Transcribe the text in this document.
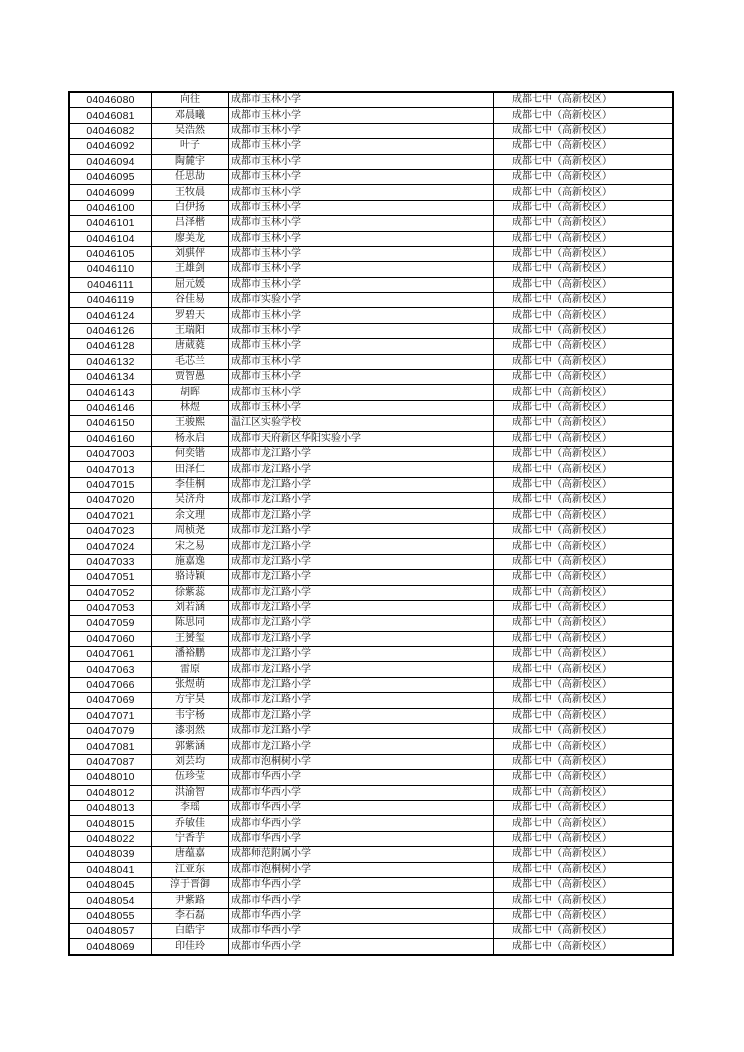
04046080	向往	成都市玉林小学	成都七中（高新校区）
04046081	邓晨曦	成都市玉林小学	成都七中（高新校区）
04046082	吴浩然	成都市玉林小学	成都七中（高新校区）
04046092	叶子	成都市玉林小学	成都七中（高新校区）
04046094	陶麓宇	成都市玉林小学	成都七中（高新校区）
04046095	任思劼	成都市玉林小学	成都七中（高新校区）
04046099	王牧晨	成都市玉林小学	成都七中（高新校区）
04046100	白伊扬	成都市玉林小学	成都七中（高新校区）
04046101	吕泽楷	成都市玉林小学	成都七中（高新校区）
04046104	廖美龙	成都市玉林小学	成都七中（高新校区）
04046105	刘骐伻	成都市玉林小学	成都七中（高新校区）
04046110	王雄剑	成都市玉林小学	成都七中（高新校区）
04046111	屈元媛	成都市玉林小学	成都七中（高新校区）
04046119	谷佳易	成都市实验小学	成都七中（高新校区）
04046124	罗碧天	成都市玉林小学	成都七中（高新校区）
04046126	王瑞阳	成都市玉林小学	成都七中（高新校区）
04046128	唐葳蕤	成都市玉林小学	成都七中（高新校区）
04046132	毛芯兰	成都市玉林小学	成都七中（高新校区）
04046134	贾智愚	成都市玉林小学	成都七中（高新校区）
04046143	胡晖	成都市玉林小学	成都七中（高新校区）
04046146	林煜	成都市玉林小学	成都七中（高新校区）
04046150	王骏熙	温江区实验学校	成都七中（高新校区）
04046160	杨永启	成都市天府新区华阳实验小学	成都七中（高新校区）
04047003	何奕锴	成都市龙江路小学	成都七中（高新校区）
04047013	田泽仁	成都市龙江路小学	成都七中（高新校区）
04047015	李佳桐	成都市龙江路小学	成都七中（高新校区）
04047020	吴济舟	成都市龙江路小学	成都七中（高新校区）
04047021	余文理	成都市龙江路小学	成都七中（高新校区）
04047023	周桢尧	成都市龙江路小学	成都七中（高新校区）
04047024	宋之易	成都市龙江路小学	成都七中（高新校区）
04047033	施嘉逸	成都市龙江路小学	成都七中（高新校区）
04047051	骆诗颖	成都市龙江路小学	成都七中（高新校区）
04047052	徐紫蕊	成都市龙江路小学	成都七中（高新校区）
04047053	刘若涵	成都市龙江路小学	成都七中（高新校区）
04047059	陈思同	成都市龙江路小学	成都七中（高新校区）
04047060	王赟玺	成都市龙江路小学	成都七中（高新校区）
04047061	潘裕鹏	成都市龙江路小学	成都七中（高新校区）
04047063	雷原	成都市龙江路小学	成都七中（高新校区）
04047066	张煜萌	成都市龙江路小学	成都七中（高新校区）
04047069	方宇昊	成都市龙江路小学	成都七中（高新校区）
04047071	韦宇杨	成都市龙江路小学	成都七中（高新校区）
04047079	漆羽然	成都市龙江路小学	成都七中（高新校区）
04047081	郭紫涵	成都市龙江路小学	成都七中（高新校区）
04047087	刘芸均	成都市泡桐树小学	成都七中（高新校区）
04048010	伍珍莹	成都市华西小学	成都七中（高新校区）
04048012	洪渝智	成都市华西小学	成都七中（高新校区）
04048013	李瑶	成都市华西小学	成都七中（高新校区）
04048015	乔敏佳	成都市华西小学	成都七中（高新校区）
04048022	宁香芋	成都市华西小学	成都七中（高新校区）
04048039	唐蕴嘉	成都师范附属小学	成都七中（高新校区）
04048041	江亚东	成都市泡桐树小学	成都七中（高新校区）
04048045	淳于晋御	成都市华西小学	成都七中（高新校区）
04048054	尹紫路	成都市华西小学	成都七中（高新校区）
04048055	李石磊	成都市华西小学	成都七中（高新校区）
04048057	白皓宇	成都市华西小学	成都七中（高新校区）
04048069	印佳玲	成都市华西小学	成都七中（高新校区）
